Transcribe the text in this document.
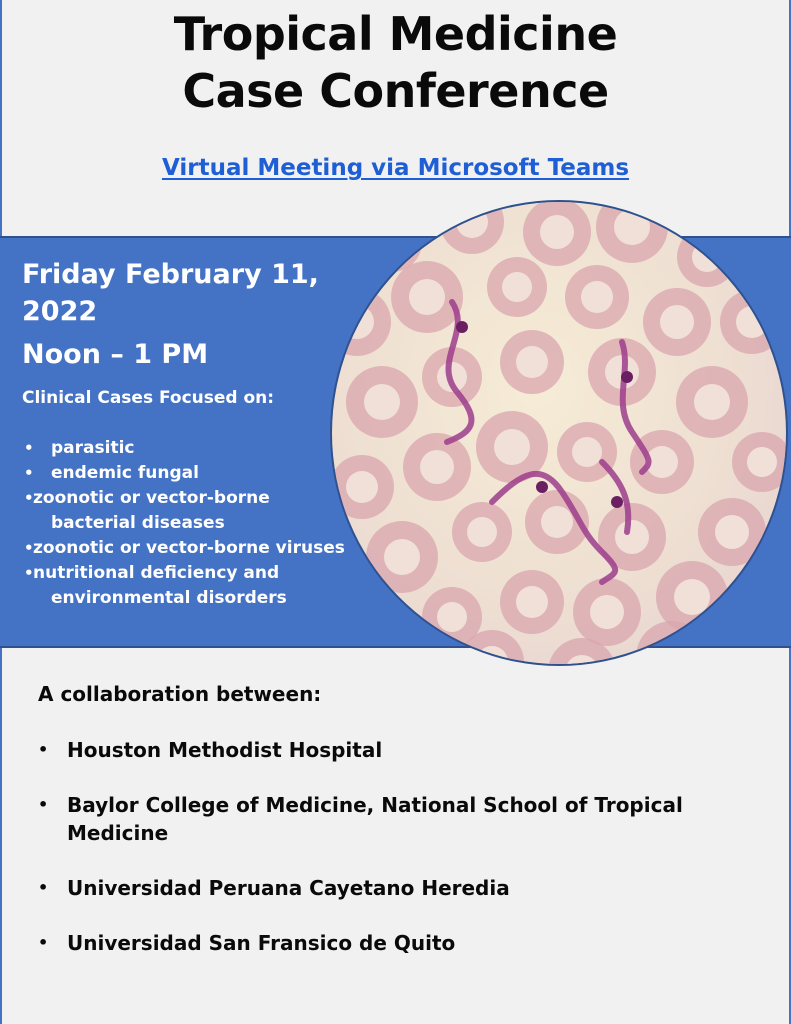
Tropical Medicine
Case Conference
Virtual Meeting via Microsoft Teams
Friday February 11, 2022
Noon – 1 PM
Clinical Cases Focused on:
• parasitic
• endemic fungal
• zoonotic or vector-borne bacterial diseases
• zoonotic or vector-borne viruses
• nutritional deficiency and environmental disorders
A collaboration between:
• Houston Methodist Hospital
• Baylor College of Medicine, National School of Tropical Medicine
• Universidad Peruana Cayetano Heredia
• Universidad San Fransico de Quito
